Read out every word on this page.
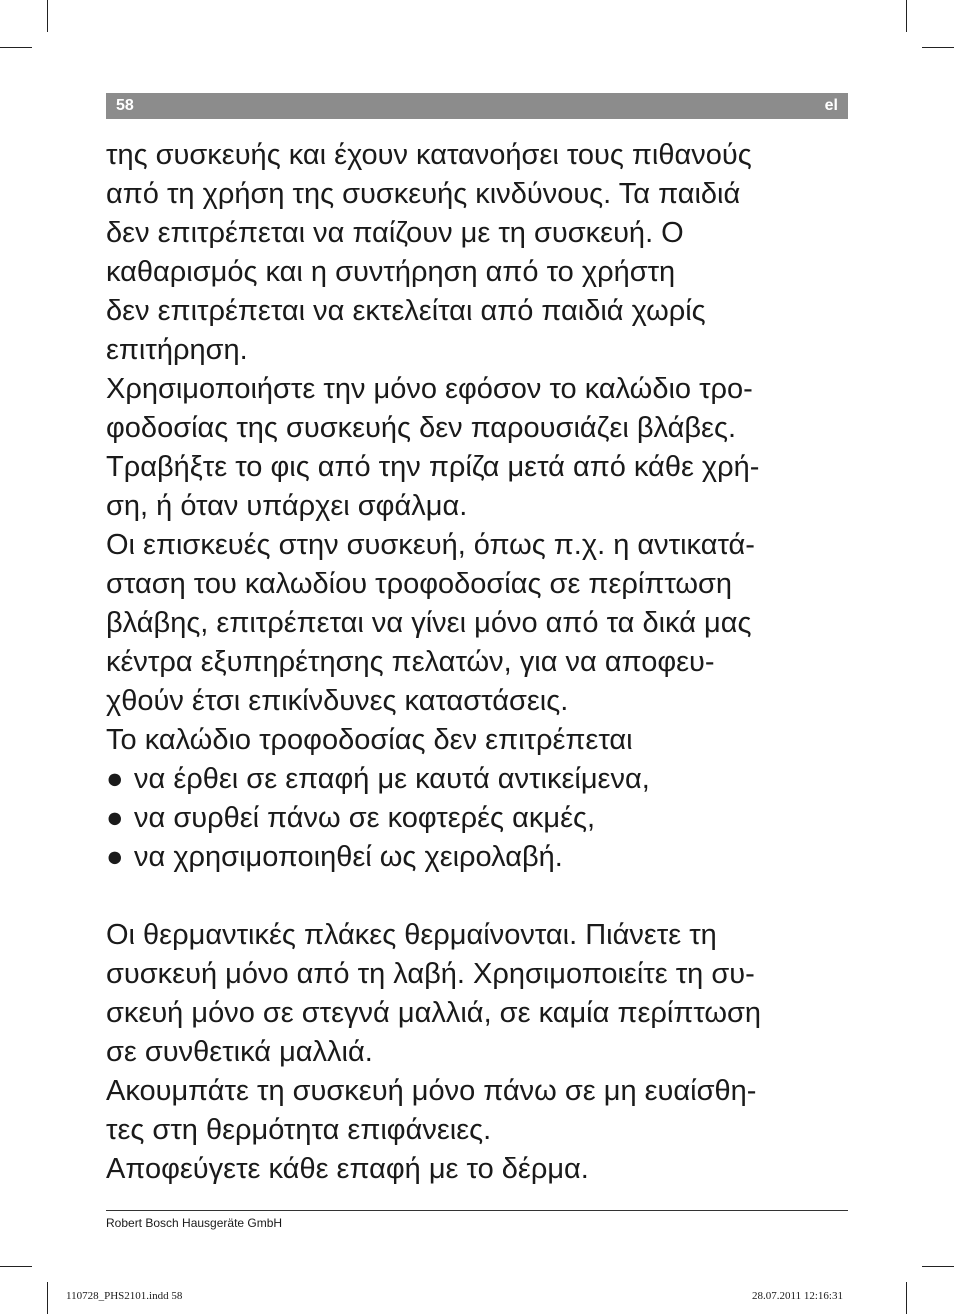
58	el
της συσκευής και έχουν κατανοήσει τους πιθανούς
από τη χρήση της συσκευής κινδύνους. Τα παιδιά
δεν επιτρέπεται να παίζουν με τη συσκευή. Ο
καθαρισμός και η συντήρηση από το χρήστη
δεν επιτρέπεται να εκτελείται από παιδιά χωρίς
επιτήρηση.
Χρησιμοποιήστε την μόνο εφόσον το καλώδιο τρο-
φοδοσίας της συσκευής δεν παρουσιάζει βλάβες.
Τραβήξτε το φις από την πρίζα μετά από κάθε χρή-
ση, ή όταν υπάρχει σφάλμα.
Οι επισκευές στην συσκευή, όπως π.χ. η αντικατά-
σταση του καλωδίου τροφοδοσίας σε περίπτωση
βλάβης, επιτρέπεται να γίνει μόνο από τα δικά μας
κέντρα εξυπηρέτησης πελατών, για να αποφευ-
χθούν έτσι επικίνδυνες καταστάσεις.
Το καλώδιο τροφοδοσίας δεν επιτρέπεται
● να έρθει σε επαφή με καυτά αντικείμενα,
● να συρθεί πάνω σε κοφτερές ακμές,
● να χρησιμοποιηθεί ως χειρολαβή.
Οι θερμαντικές πλάκες θερμαίνονται. Πιάνετε τη
συσκευή μόνο από τη λαβή. Χρησιμοποιείτε τη συ-
σκευή μόνο σε στεγνά μαλλιά, σε καμία περίπτωση
σε συνθετικά μαλλιά.
Ακουμπάτε τη συσκευή μόνο πάνω σε μη ευαίσθη-
τες στη θερμότητα επιφάνειες.
Αποφεύγετε κάθε επαφή με το δέρμα.
Robert Bosch Hausgeräte GmbH
110728_PHS2101.indd 58	28.07.2011 12:16:31
